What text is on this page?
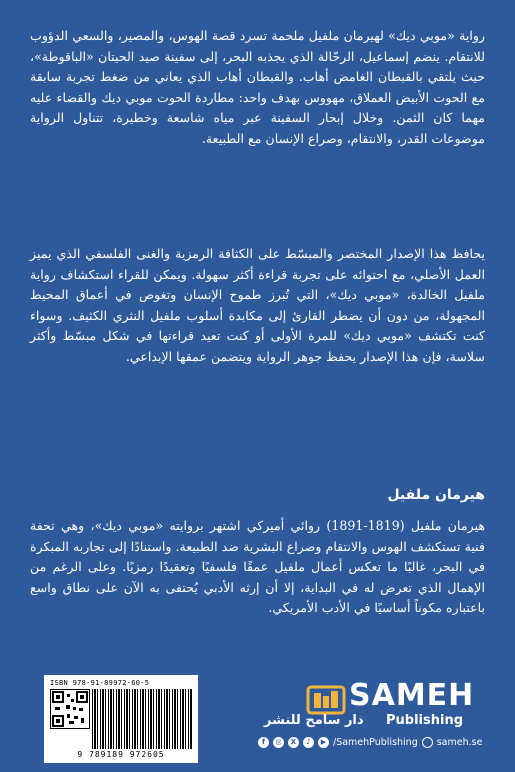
رواية «موبي ديك» لهيرمان ملفيل ملحمة تسرد قصة الهوس، والمصير، والسعي الدؤوب للانتقام. ينضم إسماعيل، الرحّالة الذي يجذبه البحر، إلى سفينة صيد الحيتان «الباقوطة»، حيث يلتقي بالقبطان الغامض أهاب. والقبطان أهاب الذي يعاني من ضغط تجربة سابقة مع الحوت الأبيض العملاق، مهووس بهدف واحد: مطاردة الحوت موبي ديك والقضاء عليه مهما كان الثمن. وخلال إبحار السفينة عبر مياه شاسعة وخطيرة، تتناول الرواية موضوعات القدر، والانتقام، وصراع الإنسان مع الطبيعة.

يحافظ هذا الإصدار المختصر والمبسّط على الكثافة الرمزية والغنى الفلسفي الذي يميز العمل الأصلي، مع احتوائه على تجربة قراءة أكثر سهولة. ويمكن للقراء استكشاف رواية ملفيل الخالدة، «موبي ديك»، التي تُبرز طموح الإنسان وتغوص في أعماق المحيط المجهولة، من دون أن يضطر القارئ إلى مكابدة أسلوب ملفيل النثري الكثيف. وسواء كنت تكتشف «موبي ديك» للمرة الأولى أو كنت تعيد قراءتها في شكل مبسّط وأكثر سلاسة، فإن هذا الإصدار يحفظ جوهر الرواية ويتضمن عمقها الإبداعي.

هيرمان ملفيل

هيرمان ملفيل (1819-1891) روائي أميركي اشتهر بروايته «موبي ديك»، وهي تحفة فنية تستكشف الهوس والانتقام وصراع البشرية ضد الطبيعة. واستنادًا إلى تجاربه المبكرة في البحر، غالبًا ما تعكس أعمال ملفيل عمقًا فلسفيًا وتعقيدًا رمزيًا. وعلى الرغم من الإهمال الذي تعرض له في البداية، إلا أن إرثه الأدبي يُحتفى به الآن على نطاق واسع باعتباره مكوناً أساسيًا في الأدب الأمريكي.

ISBN 978-91-89972-60-5
9 789189 972605
SAMEH
Publishing
دار سامح للنشر
f	◎	X	♪	▶ /SamehPublishing sameh.se
